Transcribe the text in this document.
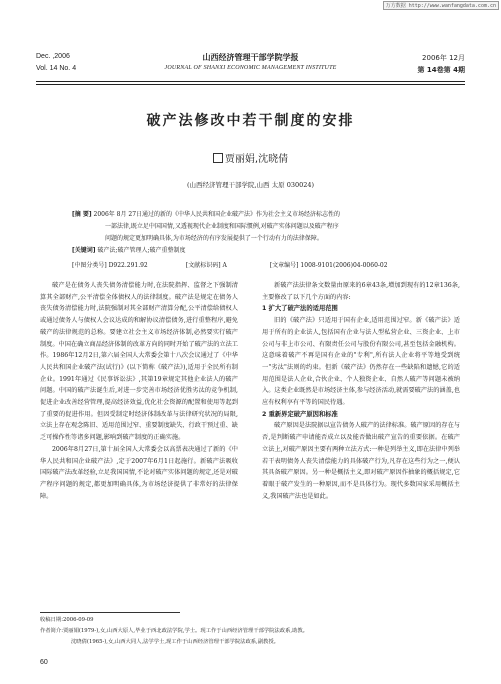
万方数据 http://www.wanfangdata.com.cn
Dec. ,2006
Vol. 14 No. 4
山西经济管理干部学院学报
JOURNAL OF SHANXI ECONOMIC MANAGEMENT INSTITUTE
2006年 12月
第 14卷第 4期
破产法修改中若干制度的安排
贾丽娟,沈晓倩
(山西经济管理干部学院,山西 太原 030024)
[摘 要] 2006年 8月 27日通过的新的《中华人民共和国企业破产法》作为社会主义市场经济标志性的
一部法律,既立足中国国情,又透视现代企业制度和国际惯例,对破产实体问题以及破产程序
问题的规定更加明确具体,为市场经济的有序发展提供了一个行动有力的法律保障。
[关键词] 破产法;破产管理人;破产重整制度
[中图分类号] D922.291.92	[文献标识码] A	[文章编号] 1008-9101(2006)04-0060-02

破产是在债务人丧失债务清偿能力时,在法院指挥、监督之下强制清算其全部财产,公平清偿全体债权人的法律制度。破产法是规定在债务人丧失债务清偿能力时,法院强制对其全部财产清算分配,公平清偿给债权人或通过债务人与债权人会议达成的和解协议清偿债务,进行重整程序,避免破产的法律规范的总称。要建立社会主义市场经济体制,必然要实行破产制度。中国在确立商品经济体制的改革方向的同时开始了破产法的立法工作。1986年12月2日,第六届全国人大常委会第十八次会议通过了《中华人民共和国企业破产法(试行)》(以下简称《破产法》),适用于全民所有制企业。1991年通过《民事诉讼法》,其第19章规定其他企业法人的破产问题。中国的破产法诞生后,对进一步完善市场经济优胜劣汰的竞争机制,促进企业改善经营管理,提高经济效益,优化社会资源的配置和使用等起到了重要的促进作用。但因受制定时经济体制改革与法律研究状况的局限,立法上存在观念陈旧、适用范围过窄、重要制度缺失、行政干预过重、缺乏可操作性等诸多问题,影响到破产制度的正确实施。

2006年8月27日,第十届全国人大常委会以高票表决通过了新的《中华人民共和国企业破产法》,定于2007年6月1日起施行。新破产法吸收国际破产法改革经验,立足我国国情,不论对破产实体问题的规定,还是对破产程序问题的规定,都更加明确具体,为市场经济提供了非常好的法律保障。

新破产法法律条文数量由原来的6章43条,增加到现有的12章136条,主要修改了以下几个方面的内容:

1 扩大了破产法的适用范围

旧的《破产法》只适用于国有企业,适用范围过窄。新《破产法》适用于所有的企业法人,包括国有企业与法人型私营企业、三资企业、上市公司与非上市公司、有限责任公司与股份有限公司,甚至包括金融机构。这意味着破产不再是国有企业的"专利",所有法人企业将平等地受到统一"劣汰"法则的约束。但新《破产法》仍然存在一些缺陷和遗憾,它的适用范围是法人企业,合伙企业、个人独资企业、自然人破产等问题未被纳入。这类企业既然是市场经济主体,参与经济活动,就需要破产法的涵盖,也应有权利享有平等的国民待遇。

2 重新界定破产原因和标准

破产原因是法院据以宣告债务人破产的法律标准。破产原因的存在与否,是判断破产申请能否成立以及能否做出破产宣告的重要依据。在破产立法上,对破产原因主要有两种立法方式:一种是列举主义,即在法律中列举若干表明债务人丧失清偿能力的具体破产行为,凡存在这些行为之一,便认其具备破产原因。另一种是概括主义,即对破产原因作抽象的概括规定,它着眼于破产发生的一种原因,而不是具体行为。现代多数国家采用概括主义,我国破产法也是如此。

收稿日期:2006-09-09
作者简介:贾丽娟(1979-),女,山西大原人,毕业于西北政法学院,学士。现工作于山西经济管理干部学院法政系,助教。
沈晓倩(1965-),女,山西大同人,法学学士,现工作于山西经济管理干部学院法政系,副教授。
60
